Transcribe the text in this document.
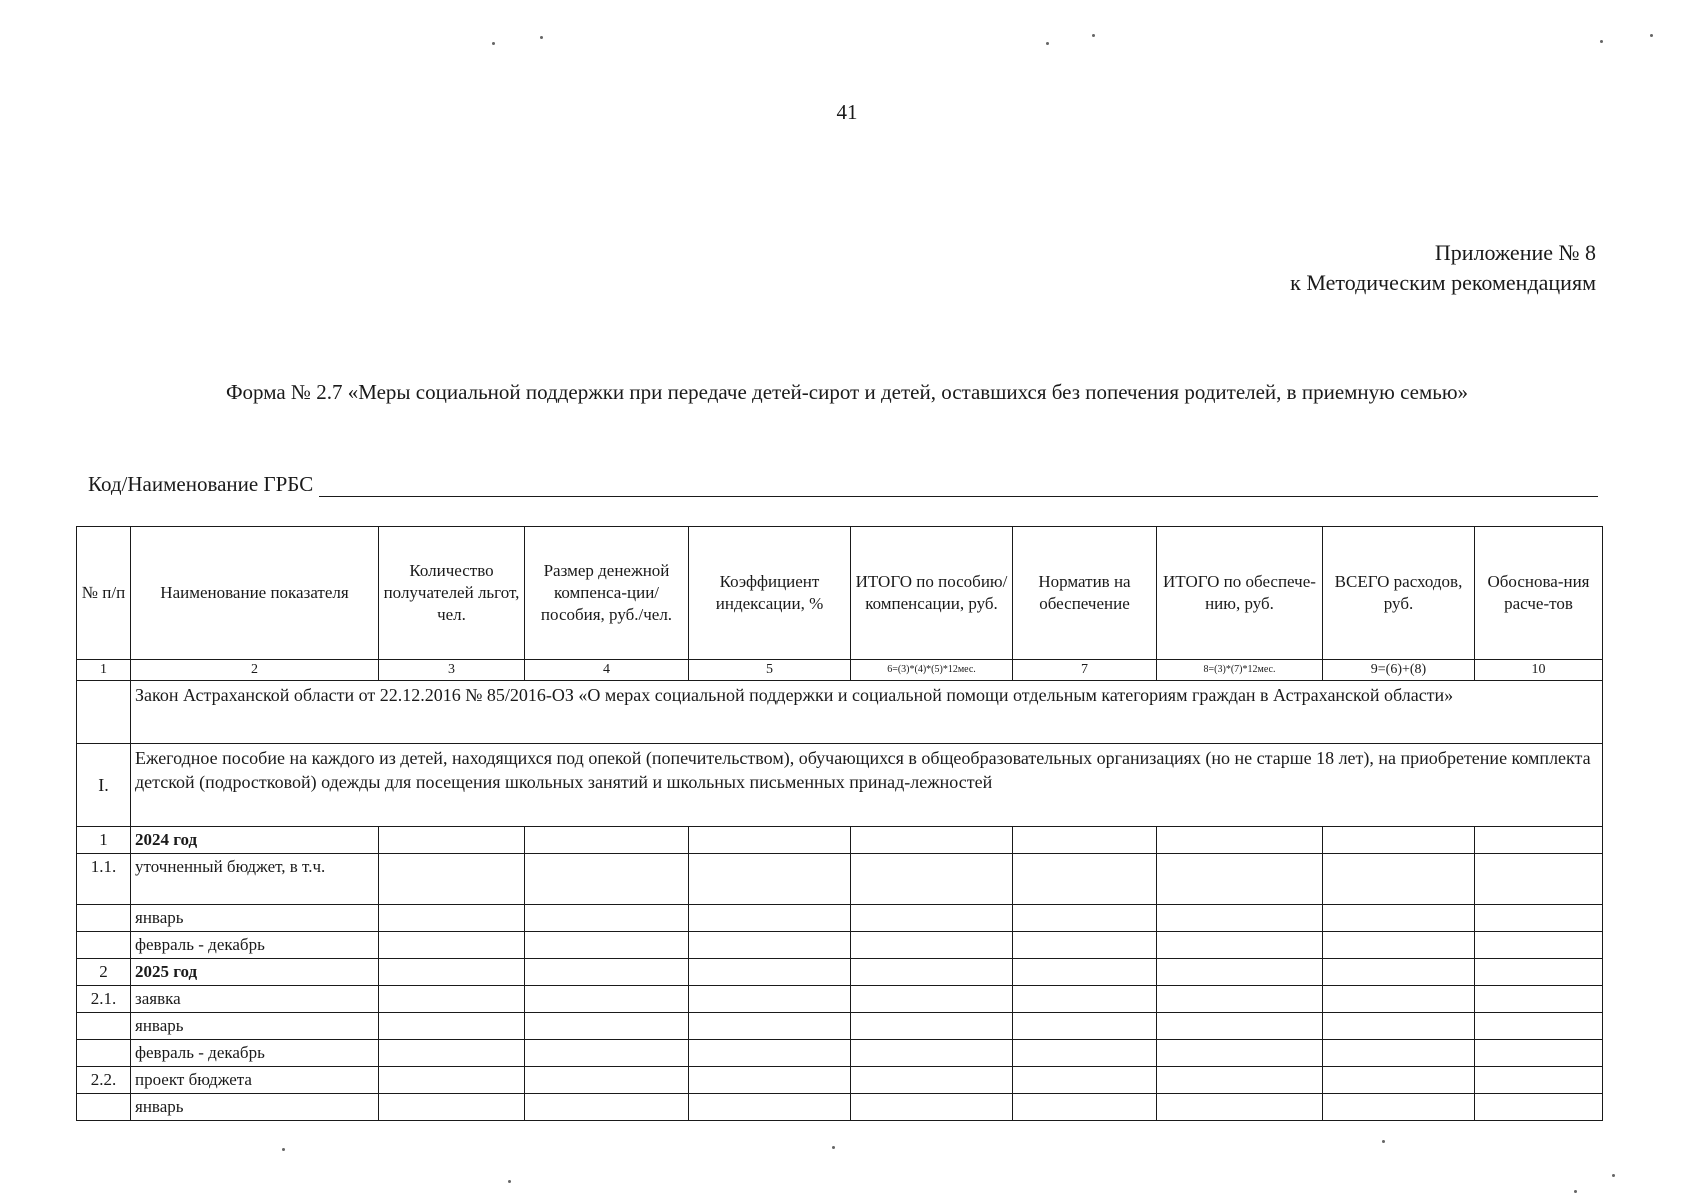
41
Приложение № 8
к Методическим рекомендациям
Форма № 2.7 «Меры социальной поддержки при передаче детей-сирот и детей, оставшихся без попечения родителей, в приемную семью»
Код/Наименование ГРБС
№ п/п	Наименование показателя	Количество получателей льгот, чел.	Размер денежной компенса-ции/пособия, руб./чел.	Коэффициент индексации, %	ИТОГО по пособию/ компенсации, руб.	Норматив на обеспечение	ИТОГО по обеспече-нию, руб.	ВСЕГО расходов, руб.	Обоснова-ния расче-тов
1	2	3	4	5	6=(3)*(4)*(5)*12мес.	7	8=(3)*(7)*12мес.	9=(6)+(8)	10
	Закон Астраханской области от 22.12.2016 № 85/2016-ОЗ «О мерах социальной поддержки и социальной помощи отдельным категориям граждан в Астраханской области»								
I.	Ежегодное пособие на каждого из детей, находящихся под опекой (попечительством), обучающихся в общеобразовательных организациях (но не старше 18 лет), на приобретение комплекта детской (подростковой) одежды для посещения школьных занятий и школьных письменных принад-лежностей								
1	2024 год								
1.1.	уточненный бюджет, в т.ч.								
	январь								
	февраль - декабрь								
2	2025 год								
2.1.	заявка								
	январь								
	февраль - декабрь								
2.2.	проект бюджета								
	январь								
